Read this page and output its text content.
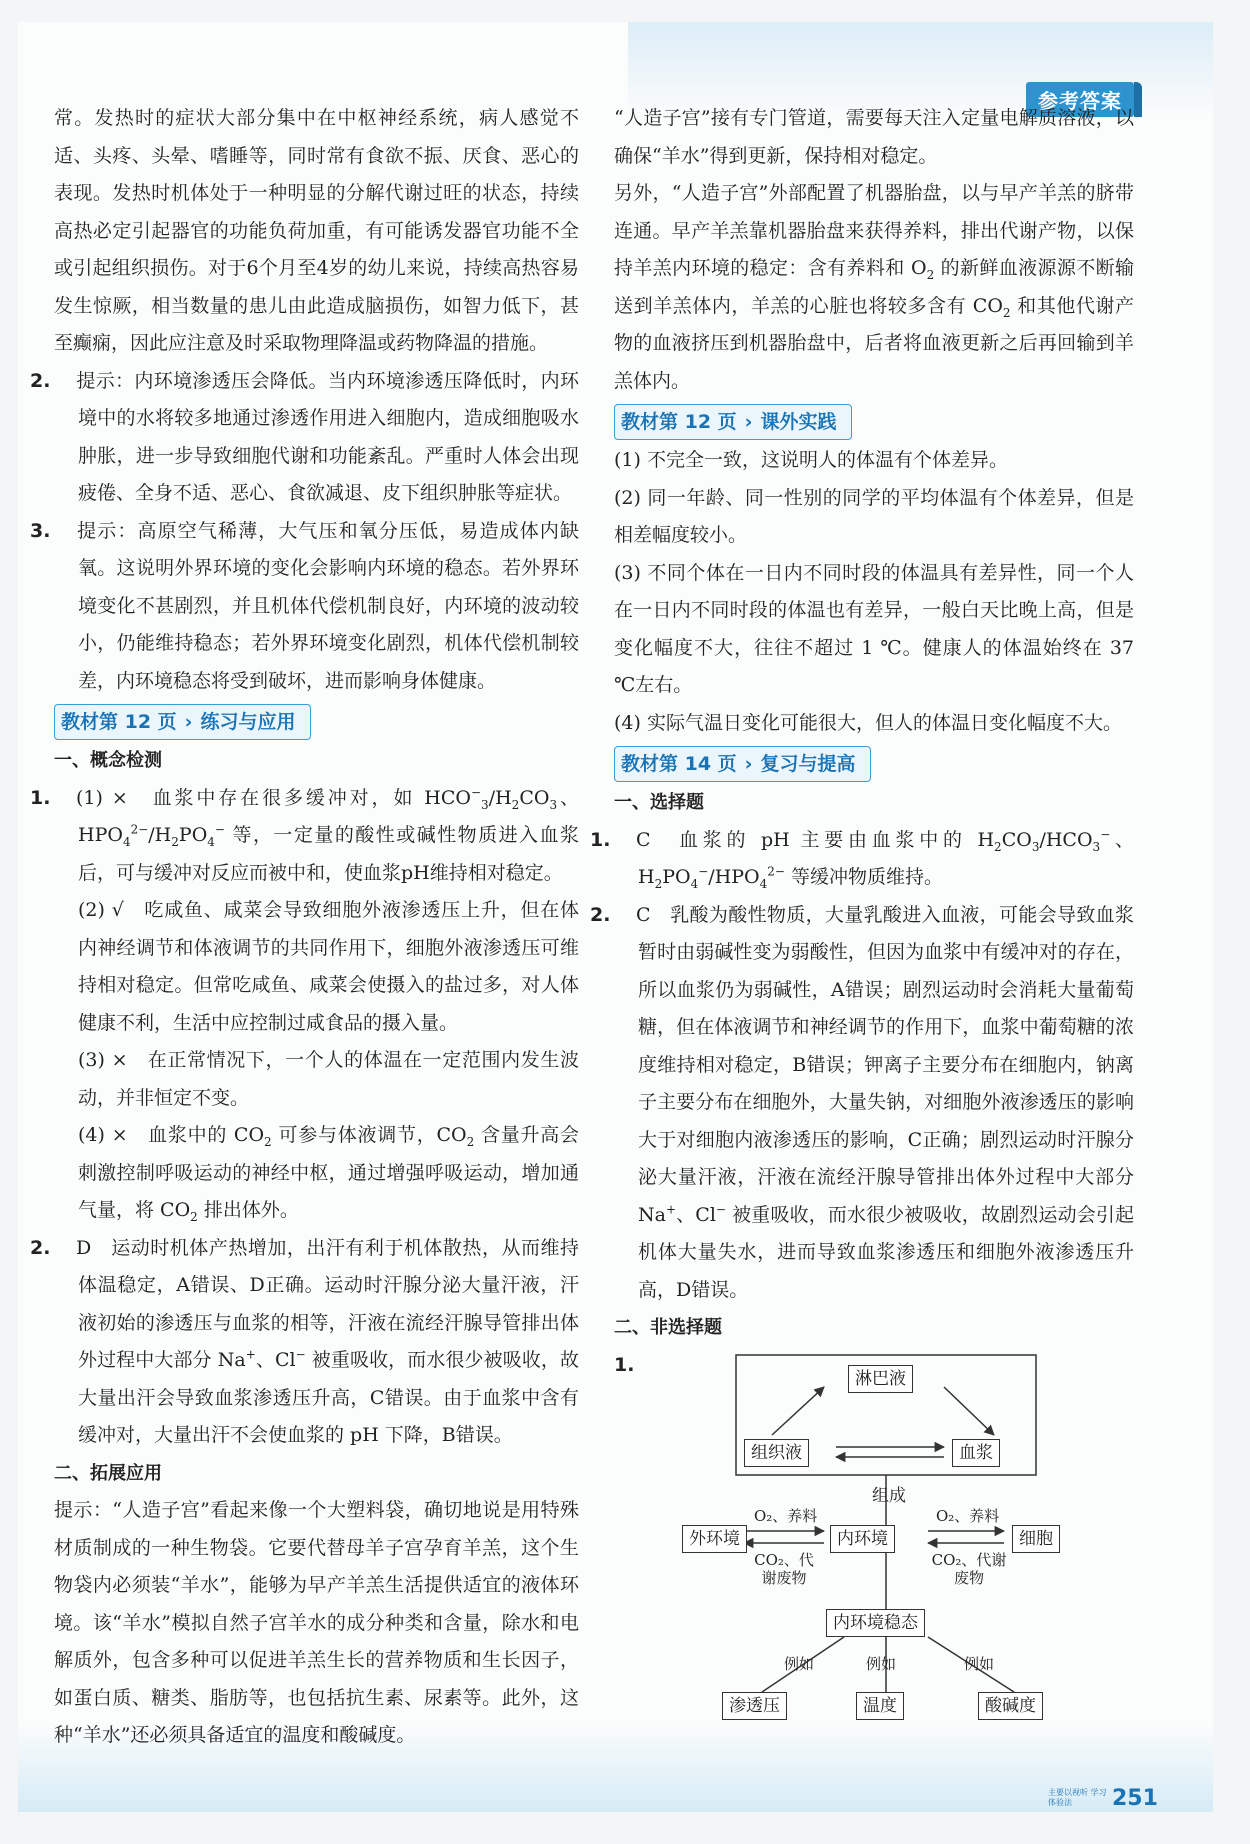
参考答案

常。发热时的症状大部分集中在中枢神经系统，病人感觉不适、头疼、头晕、嗜睡等，同时常有食欲不振、厌食、恶心的表现。发热时机体处于一种明显的分解代谢过旺的状态，持续高热必定引起器官的功能负荷加重，有可能诱发器官功能不全或引起组织损伤。对于6个月至4岁的幼儿来说，持续高热容易发生惊厥，相当数量的患儿由此造成脑损伤，如智力低下，甚至癫痫，因此应注意及时采取物理降温或药物降温的措施。

2. 提示：内环境渗透压会降低。当内环境渗透压降低时，内环境中的水将较多地通过渗透作用进入细胞内，造成细胞吸水肿胀，进一步导致细胞代谢和功能紊乱。严重时人体会出现疲倦、全身不适、恶心、食欲减退、皮下组织肿胀等症状。

3. 提示：高原空气稀薄，大气压和氧分压低，易造成体内缺氧。这说明外界环境的变化会影响内环境的稳态。若外界环境变化不甚剧烈，并且机体代偿机制良好，内环境的波动较小，仍能维持稳态；若外界环境变化剧烈，机体代偿机制较差，内环境稳态将受到破坏，进而影响身体健康。

教材第 12 页 › 练习与应用

一、概念检测

1. (1) ×　血浆中存在很多缓冲对，如 $HCO^-_3/H_2CO_3$、$HPO_4^{2-}/H_2PO_4^-$ 等，一定量的酸性或碱性物质进入血浆后，可与缓冲对反应而被中和，使血浆pH维持相对稳定。

(2) √　吃咸鱼、咸菜会导致细胞外液渗透压上升，但在体内神经调节和体液调节的共同作用下，细胞外液渗透压可维持相对稳定。但常吃咸鱼、咸菜会使摄入的盐过多，对人体健康不利，生活中应控制过咸食品的摄入量。

(3) ×　在正常情况下，一个人的体温在一定范围内发生波动，并非恒定不变。

(4) ×　血浆中的 $CO_2$ 可参与体液调节，$CO_2$ 含量升高会刺激控制呼吸运动的神经中枢，通过增强呼吸运动，增加通气量，将 $CO_2$ 排出体外。

2. D　运动时机体产热增加，出汗有利于机体散热，从而维持体温稳定，A错误、D正确。运动时汗腺分泌大量汗液，汗液初始的渗透压与血浆的相等，汗液在流经汗腺导管排出体外过程中大部分 Na+、Cl− 被重吸收，而水很少被吸收，故大量出汗会导致血浆渗透压升高，C错误。由于血浆中含有缓冲对，大量出汗不会使血浆的 pH 下降，B错误。

二、拓展应用

提示：“人造子宫”看起来像一个大塑料袋，确切地说是用特殊材质制成的一种生物袋。它要代替母羊子宫孕育羊羔，这个生物袋内必须装“羊水”，能够为早产羊羔生活提供适宜的液体环境。该“羊水”模拟自然子宫羊水的成分种类和含量，除水和电解质外，包含多种可以促进羊羔生长的营养物质和生长因子，如蛋白质、糖类、脂肪等，也包括抗生素、尿素等。此外，这种“羊水”还必须具备适宜的温度和酸碱度。

“人造子宫”接有专门管道，需要每天注入定量电解质溶液，以确保“羊水”得到更新，保持相对稳定。

另外，“人造子宫”外部配置了机器胎盘，以与早产羊羔的脐带连通。早产羊羔靠机器胎盘来获得养料，排出代谢产物，以保持羊羔内环境的稳定：含有养料和 $O_2$ 的新鲜血液源源不断输送到羊羔体内，羊羔的心脏也将较多含有 $CO_2$ 和其他代谢产物的血液挤压到机器胎盘中，后者将血液更新之后再回输到羊羔体内。

教材第 12 页 › 课外实践

(1) 不完全一致，这说明人的体温有个体差异。

(2) 同一年龄、同一性别的同学的平均体温有个体差异，但是相差幅度较小。

(3) 不同个体在一日内不同时段的体温具有差异性，同一个人在一日内不同时段的体温也有差异，一般白天比晚上高，但是变化幅度不大，往往不超过 1 ℃。健康人的体温始终在 37 ℃左右。

(4) 实际气温日变化可能很大，但人的体温日变化幅度不大。

教材第 14 页 › 复习与提高

一、选择题

1. C　血浆的 pH 主要由血浆中的 $H_2CO_3/HCO_3^-$、$H_2PO_4^-/HPO_4^{2-}$ 等缓冲物质维持。

2. C　乳酸为酸性物质，大量乳酸进入血液，可能会导致血浆暂时由弱碱性变为弱酸性，但因为血浆中有缓冲对的存在，所以血浆仍为弱碱性，A错误；剧烈运动时会消耗大量葡萄糖，但在体液调节和神经调节的作用下，血浆中葡萄糖的浓度维持相对稳定，B错误；钾离子主要分布在细胞内，钠离子主要分布在细胞外，大量失钠，对细胞外液渗透压的影响大于对细胞内液渗透压的影响，C正确；剧烈运动时汗腺分泌大量汗液，汗液在流经汗腺导管排出体外过程中大部分 Na+、Cl− 被重吸收，而水很少被吸收，故剧烈运动会引起机体大量失水，进而导致血浆渗透压和细胞外液渗透压升高，D错误。

二、非选择题

1.
淋巴液
组织液	血浆
组成
外环境	内环境	细胞
O₂、养料
CO₂、代谢废物
O₂、养料
CO₂、代谢废物
内环境稳态
例如	例如	例如
渗透压	温度	酸碱度
主要以视听 学习体验法	251
